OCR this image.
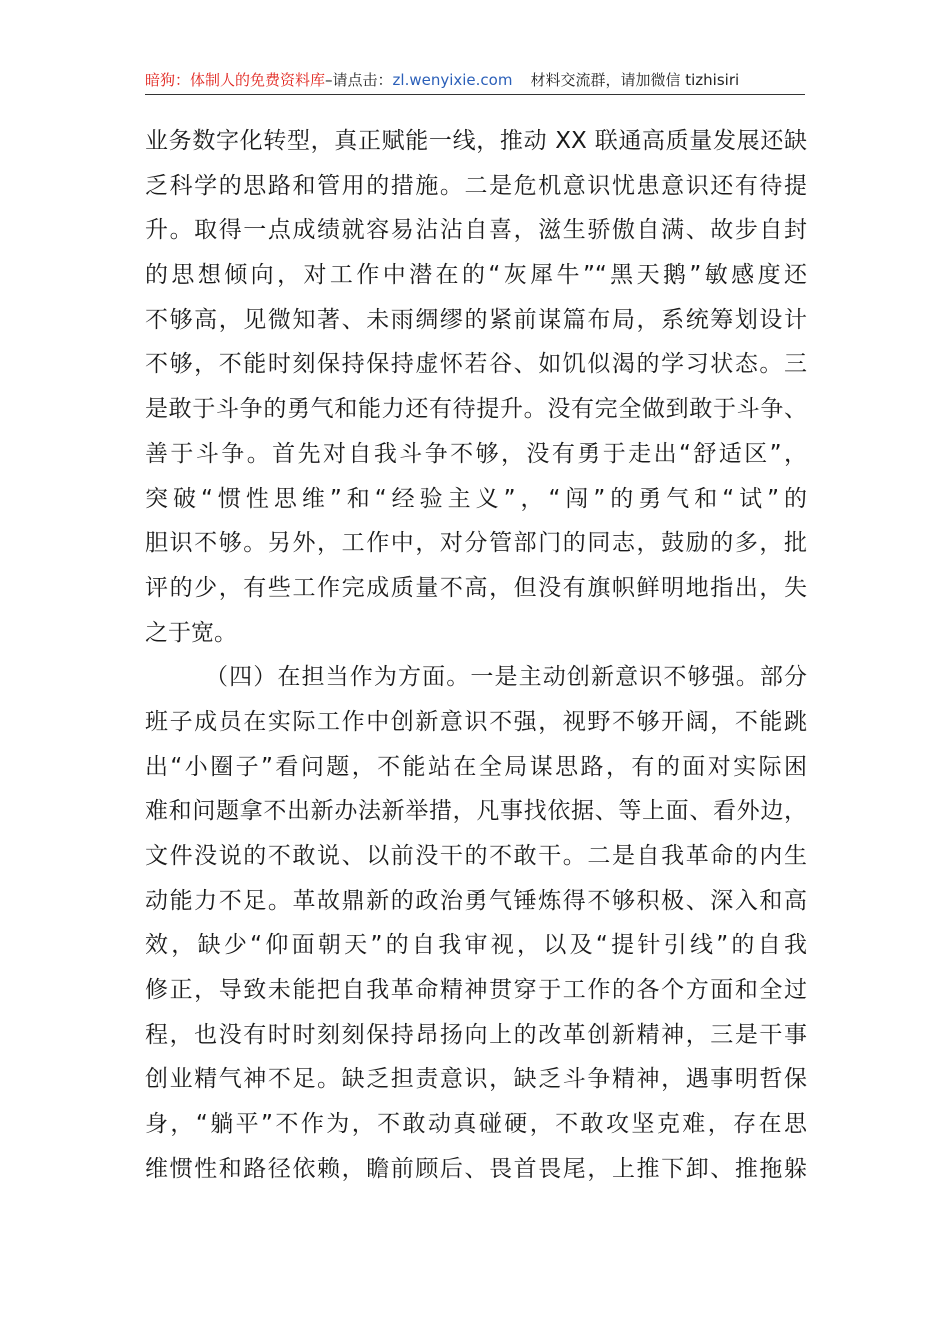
暗狗：体制人的免费资料库–请点击：zl.wenyixie.com 材料交流群，请加微信 tizhisiri
业务数字化转型，真正赋能一线，推动 XX 联通高质量发展还缺
乏科学的思路和管用的措施。二是危机意识忧患意识还有待提
升。取得一点成绩就容易沾沾自喜，滋生骄傲自满、故步自封
的思想倾向，对工作中潜在的“灰犀牛”“黑天鹅”敏感度还
不够高，见微知著、未雨绸缪的紧前谋篇布局，系统筹划设计
不够，不能时刻保持保持虚怀若谷、如饥似渴的学习状态。三
是敢于斗争的勇气和能力还有待提升。没有完全做到敢于斗争、
善于斗争。首先对自我斗争不够，没有勇于走出“舒适区”，
突破“惯性思维”和“经验主义”，“闯”的勇气和“试”的
胆识不够。另外，工作中，对分管部门的同志，鼓励的多，批
评的少，有些工作完成质量不高，但没有旗帜鲜明地指出，失
之于宽。
（四）在担当作为方面。一是主动创新意识不够强。部分
班子成员在实际工作中创新意识不强，视野不够开阔，不能跳
出“小圈子”看问题，不能站在全局谋思路，有的面对实际困
难和问题拿不出新办法新举措，凡事找依据、等上面、看外边，
文件没说的不敢说、以前没干的不敢干。二是自我革命的内生
动能力不足。革故鼎新的政治勇气锤炼得不够积极、深入和高
效，缺少“仰面朝天”的自我审视，以及“提针引线”的自我
修正，导致未能把自我革命精神贯穿于工作的各个方面和全过
程，也没有时时刻刻保持昂扬向上的改革创新精神，三是干事
创业精气神不足。缺乏担责意识，缺乏斗争精神，遇事明哲保
身，“躺平”不作为，不敢动真碰硬，不敢攻坚克难，存在思
维惯性和路径依赖，瞻前顾后、畏首畏尾，上推下卸、推拖躲
